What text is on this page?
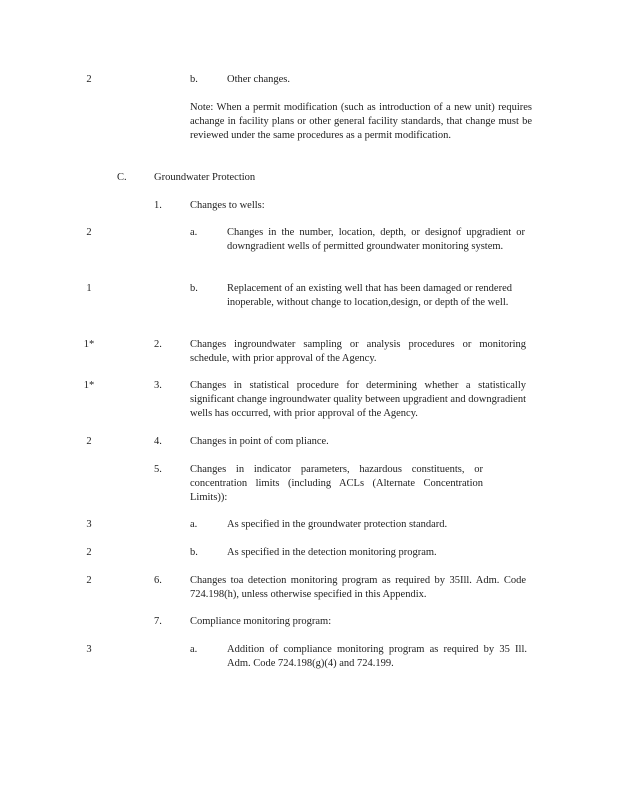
2	b.	Other changes.
Note: When a permit modification (such as introduction of a new unit) requires achange in facility plans or other general facility standards, that change must be reviewed under the same procedures as a permit modification.
C.	Groundwater Protection
1.	Changes to wells:
2	a.	Changes in the number, location, depth, or designof upgradient or downgradient wells of permitted groundwater monitoring system.
1	b.	Replacement of an existing well that has been damaged or rendered inoperable, without change to location,design, or depth of the well.
1*	2.	Changes ingroundwater sampling or analysis procedures or monitoring schedule, with prior approval of the Agency.
1*	3.	Changes in statistical procedure for determining whether a statistically significant change ingroundwater quality between upgradient and downgradient wells has occurred, with prior approval of the Agency.
2	4.	Changes in point of com pliance.
5.	Changes in indicator parameters, hazardous constituents, or concentration limits (including ACLs (Alternate Concentration Limits)):
3	a.	As specified in the groundwater protection standard.
2	b.	As specified in the detection monitoring program.
2	6.	Changes toa detection monitoring program as required by 35Ill. Adm. Code 724.198(h), unless otherwise specified in this Appendix.
7.	Compliance monitoring program:
3	a.	Addition of compliance monitoring program as required by 35 Ill. Adm. Code 724.198(g)(4) and 724.199.
